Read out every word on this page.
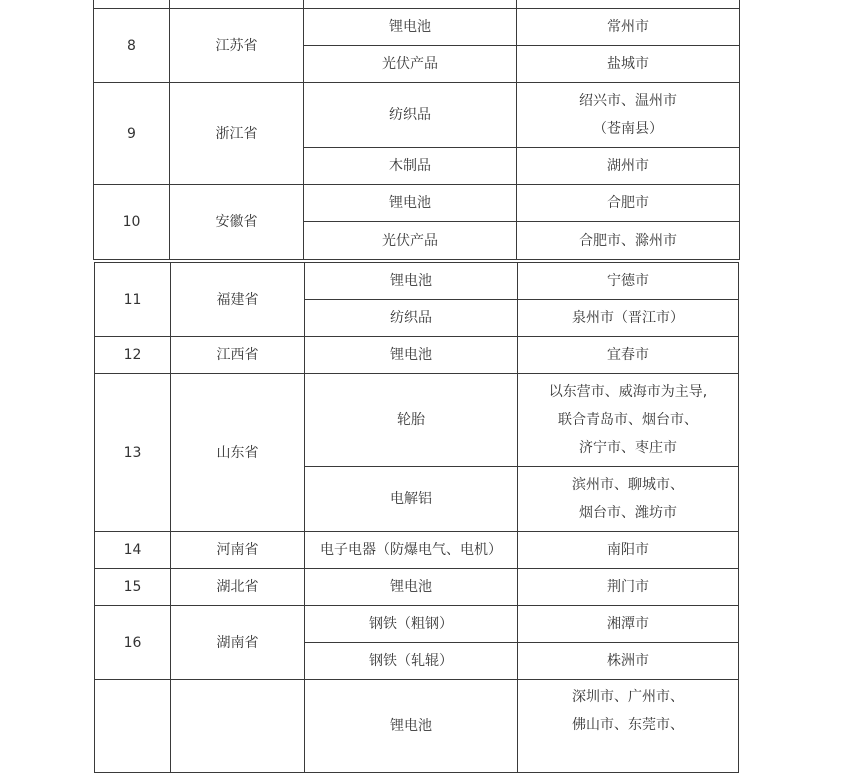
8	江苏省	锂电池	常州市
		光伏产品	盐城市
9	浙江省	纺织品	绍兴市、温州市
（苍南县）

		木制品	湖州市
10	安徽省	锂电池	合肥市
		光伏产品	合肥市、滁州市
11	福建省	锂电池	宁德市
		纺织品	泉州市（晋江市）
12	江西省	锂电池	宜春市
13	山东省	轮胎	以东营市、威海市为主导,
联合青岛市、烟台市、
济宁市、枣庄市

		电解铝	滨州市、聊城市、
烟台市、潍坊市

14	河南省	电子电器（防爆电气、电机）	南阳市
15	湖北省	锂电池	荆门市
16	湖南省	钢铁（粗钢）	湘潭市
		钢铁（轧辊）	株洲市
		锂电池	深圳市、广州市、
佛山市、东莞市、
